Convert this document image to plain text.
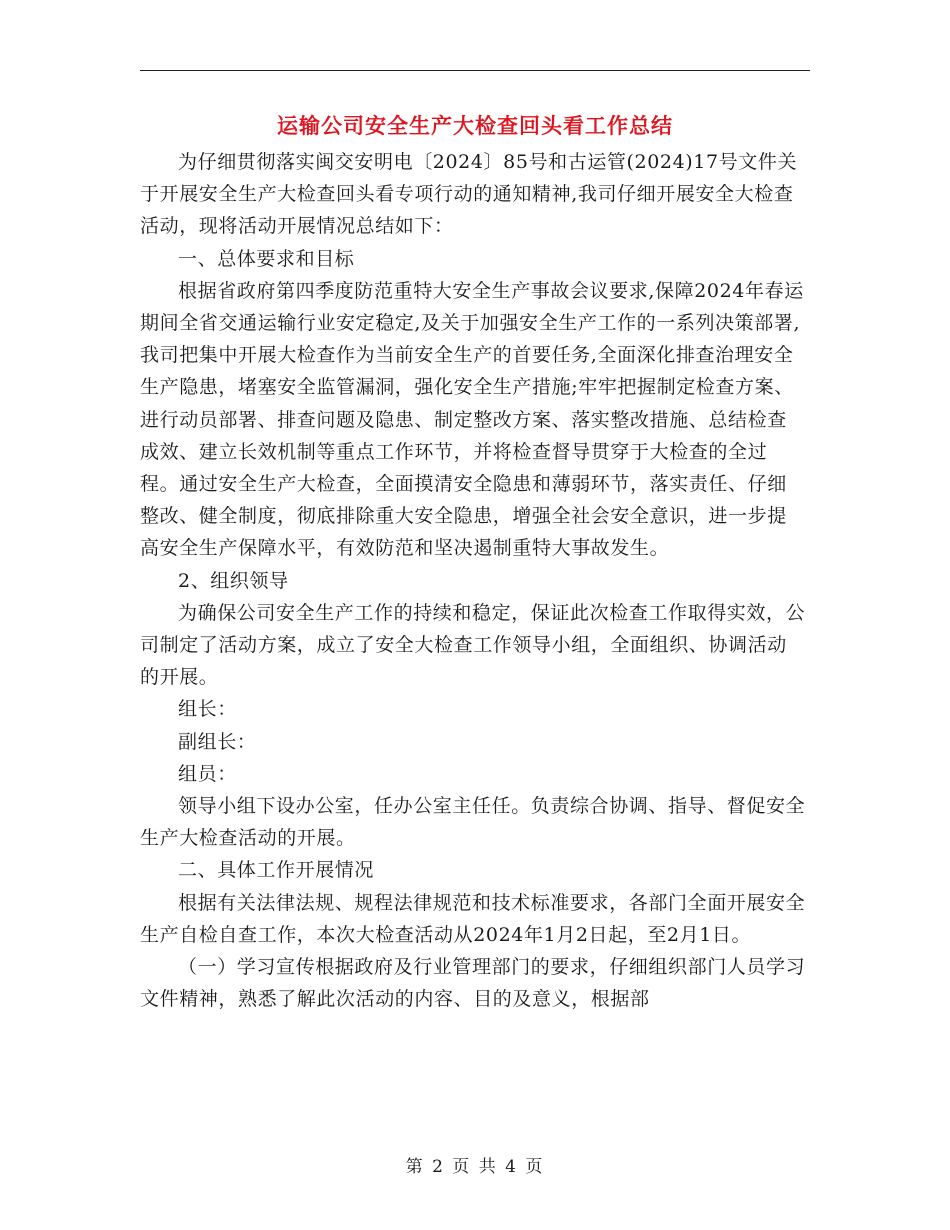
运输公司安全生产大检查回头看工作总结

为仔细贯彻落实闽交安明电〔2024〕85号和古运管(2024)17号文件关于开展安全生产大检查回头看专项行动的通知精神,我司仔细开展安全大检查活动，现将活动开展情况总结如下：

一、总体要求和目标

根据省政府第四季度防范重特大安全生产事故会议要求,保障2024年春运期间全省交通运输行业安定稳定,及关于加强安全生产工作的一系列决策部署,我司把集中开展大检查作为当前安全生产的首要任务,全面深化排查治理安全生产隐患，堵塞安全监管漏洞，强化安全生产措施;牢牢把握制定检查方案、进行动员部署、排查问题及隐患、制定整改方案、落实整改措施、总结检查成效、建立长效机制等重点工作环节，并将检查督导贯穿于大检查的全过程。通过安全生产大检查，全面摸清安全隐患和薄弱环节，落实责任、仔细整改、健全制度，彻底排除重大安全隐患，增强全社会安全意识，进一步提高安全生产保障水平，有效防范和坚决遏制重特大事故发生。

2、组织领导

为确保公司安全生产工作的持续和稳定，保证此次检查工作取得实效，公司制定了活动方案，成立了安全大检查工作领导小组，全面组织、协调活动的开展。

组长：

副组长：

组员：

领导小组下设办公室，任办公室主任任。负责综合协调、指导、督促安全生产大检查活动的开展。

二、具体工作开展情况

根据有关法律法规、规程法律规范和技术标准要求，各部门全面开展安全生产自检自查工作，本次大检查活动从2024年1月2日起，至2月1日。

（一）学习宣传根据政府及行业管理部门的要求，仔细组织部门人员学习文件精神，熟悉了解此次活动的内容、目的及意义，根据部

第 2 页 共 4 页
